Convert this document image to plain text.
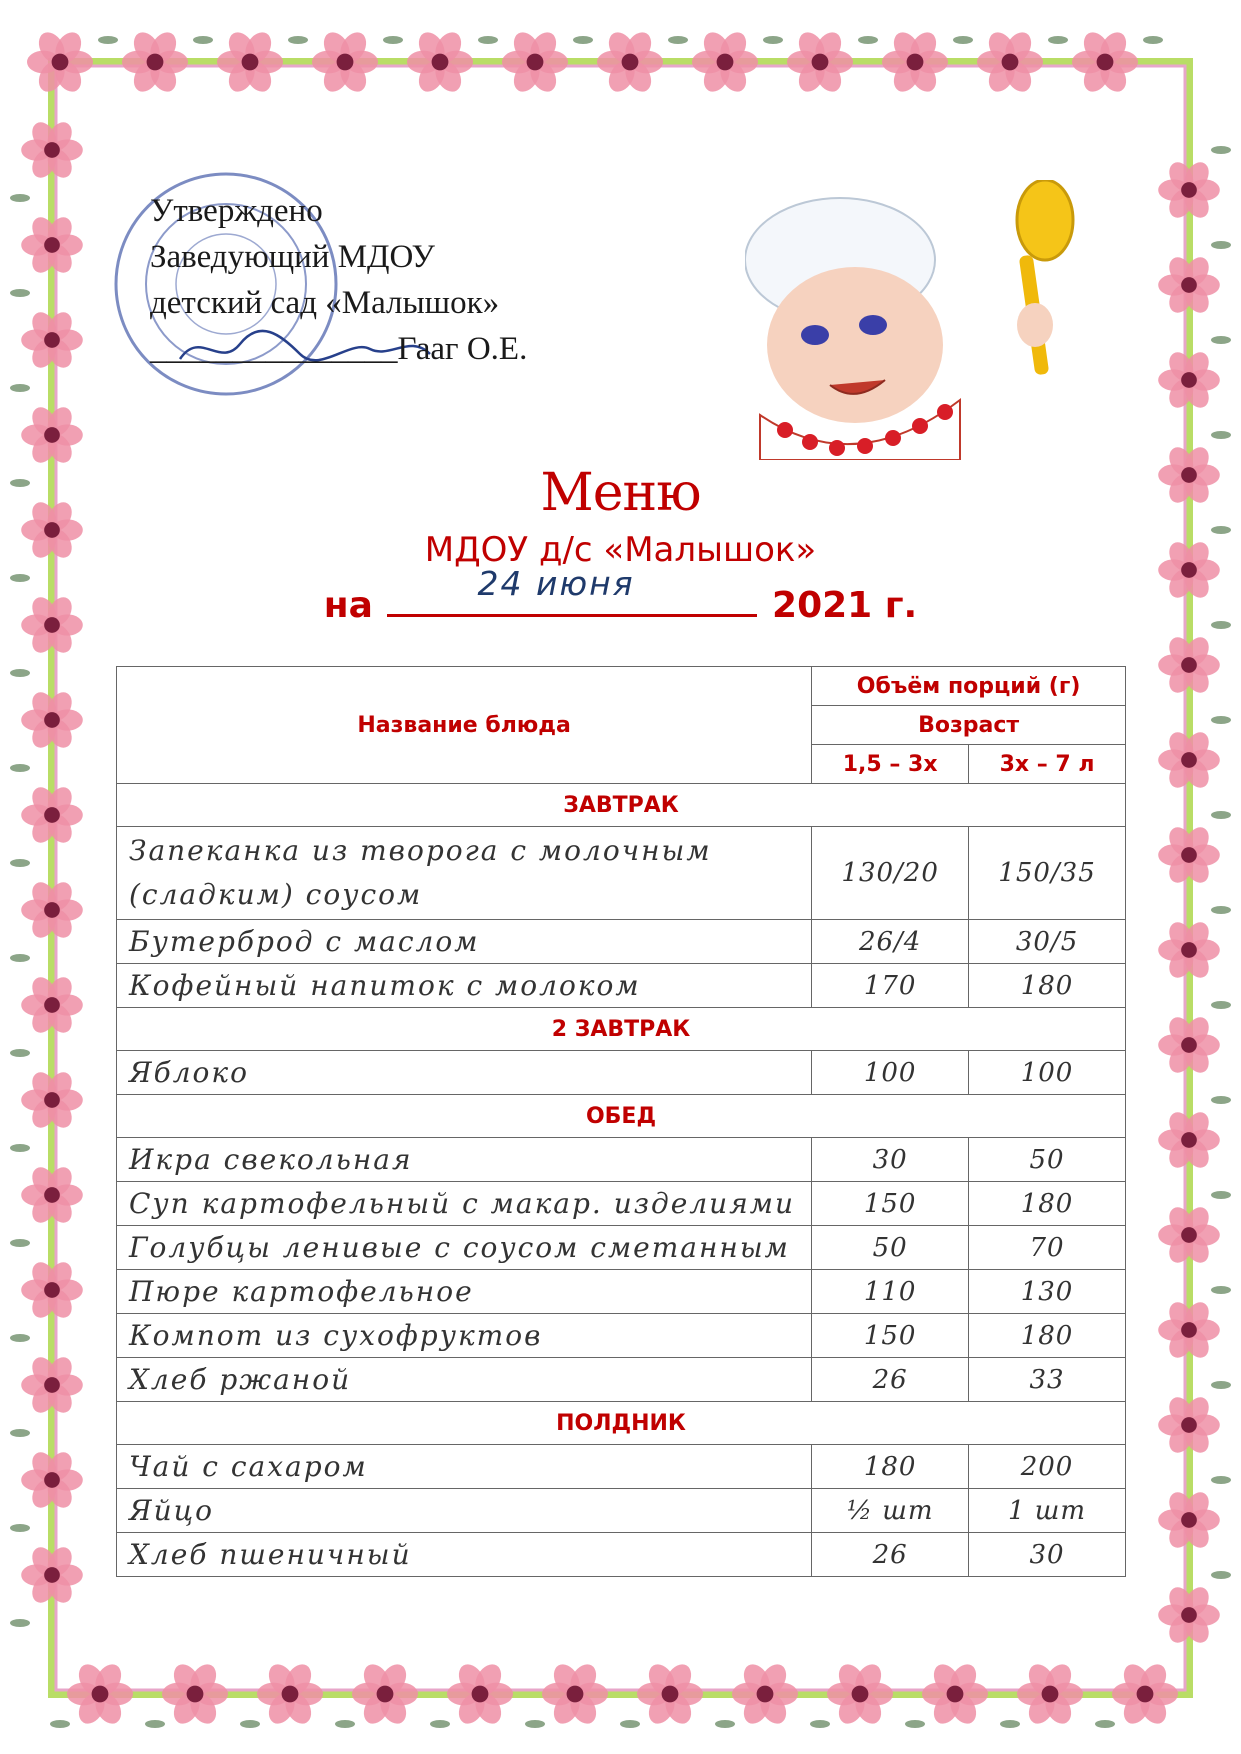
Утверждено
Заведующий МДОУ
детский сад «Малышок»
_______________Гааг О.Е.
Меню
МДОУ д/с «Малышок»
на
24 июня
2021 г.
Название блюда	Объём порций (г)	
	Возраст	
	1,5 – 3х	3х – 7 л
ЗАВТРАК		
Запеканка из творога с молочным (сладким) соусом	130/20	150/35
Бутерброд с маслом	26/4	30/5
Кофейный напиток с молоком	170	180
2 ЗАВТРАК		
Яблоко	100	100
ОБЕД		
Икра свекольная	30	50
Суп картофельный с макар. изделиями	150	180
Голубцы ленивые с соусом сметанным	50	70
Пюре картофельное	110	130
Компот из сухофруктов	150	180
Хлеб ржаной	26	33
ПОЛДНИК		
Чай с сахаром	180	200
Яйцо	½ шт	1 шт
Хлеб пшеничный	26	30
